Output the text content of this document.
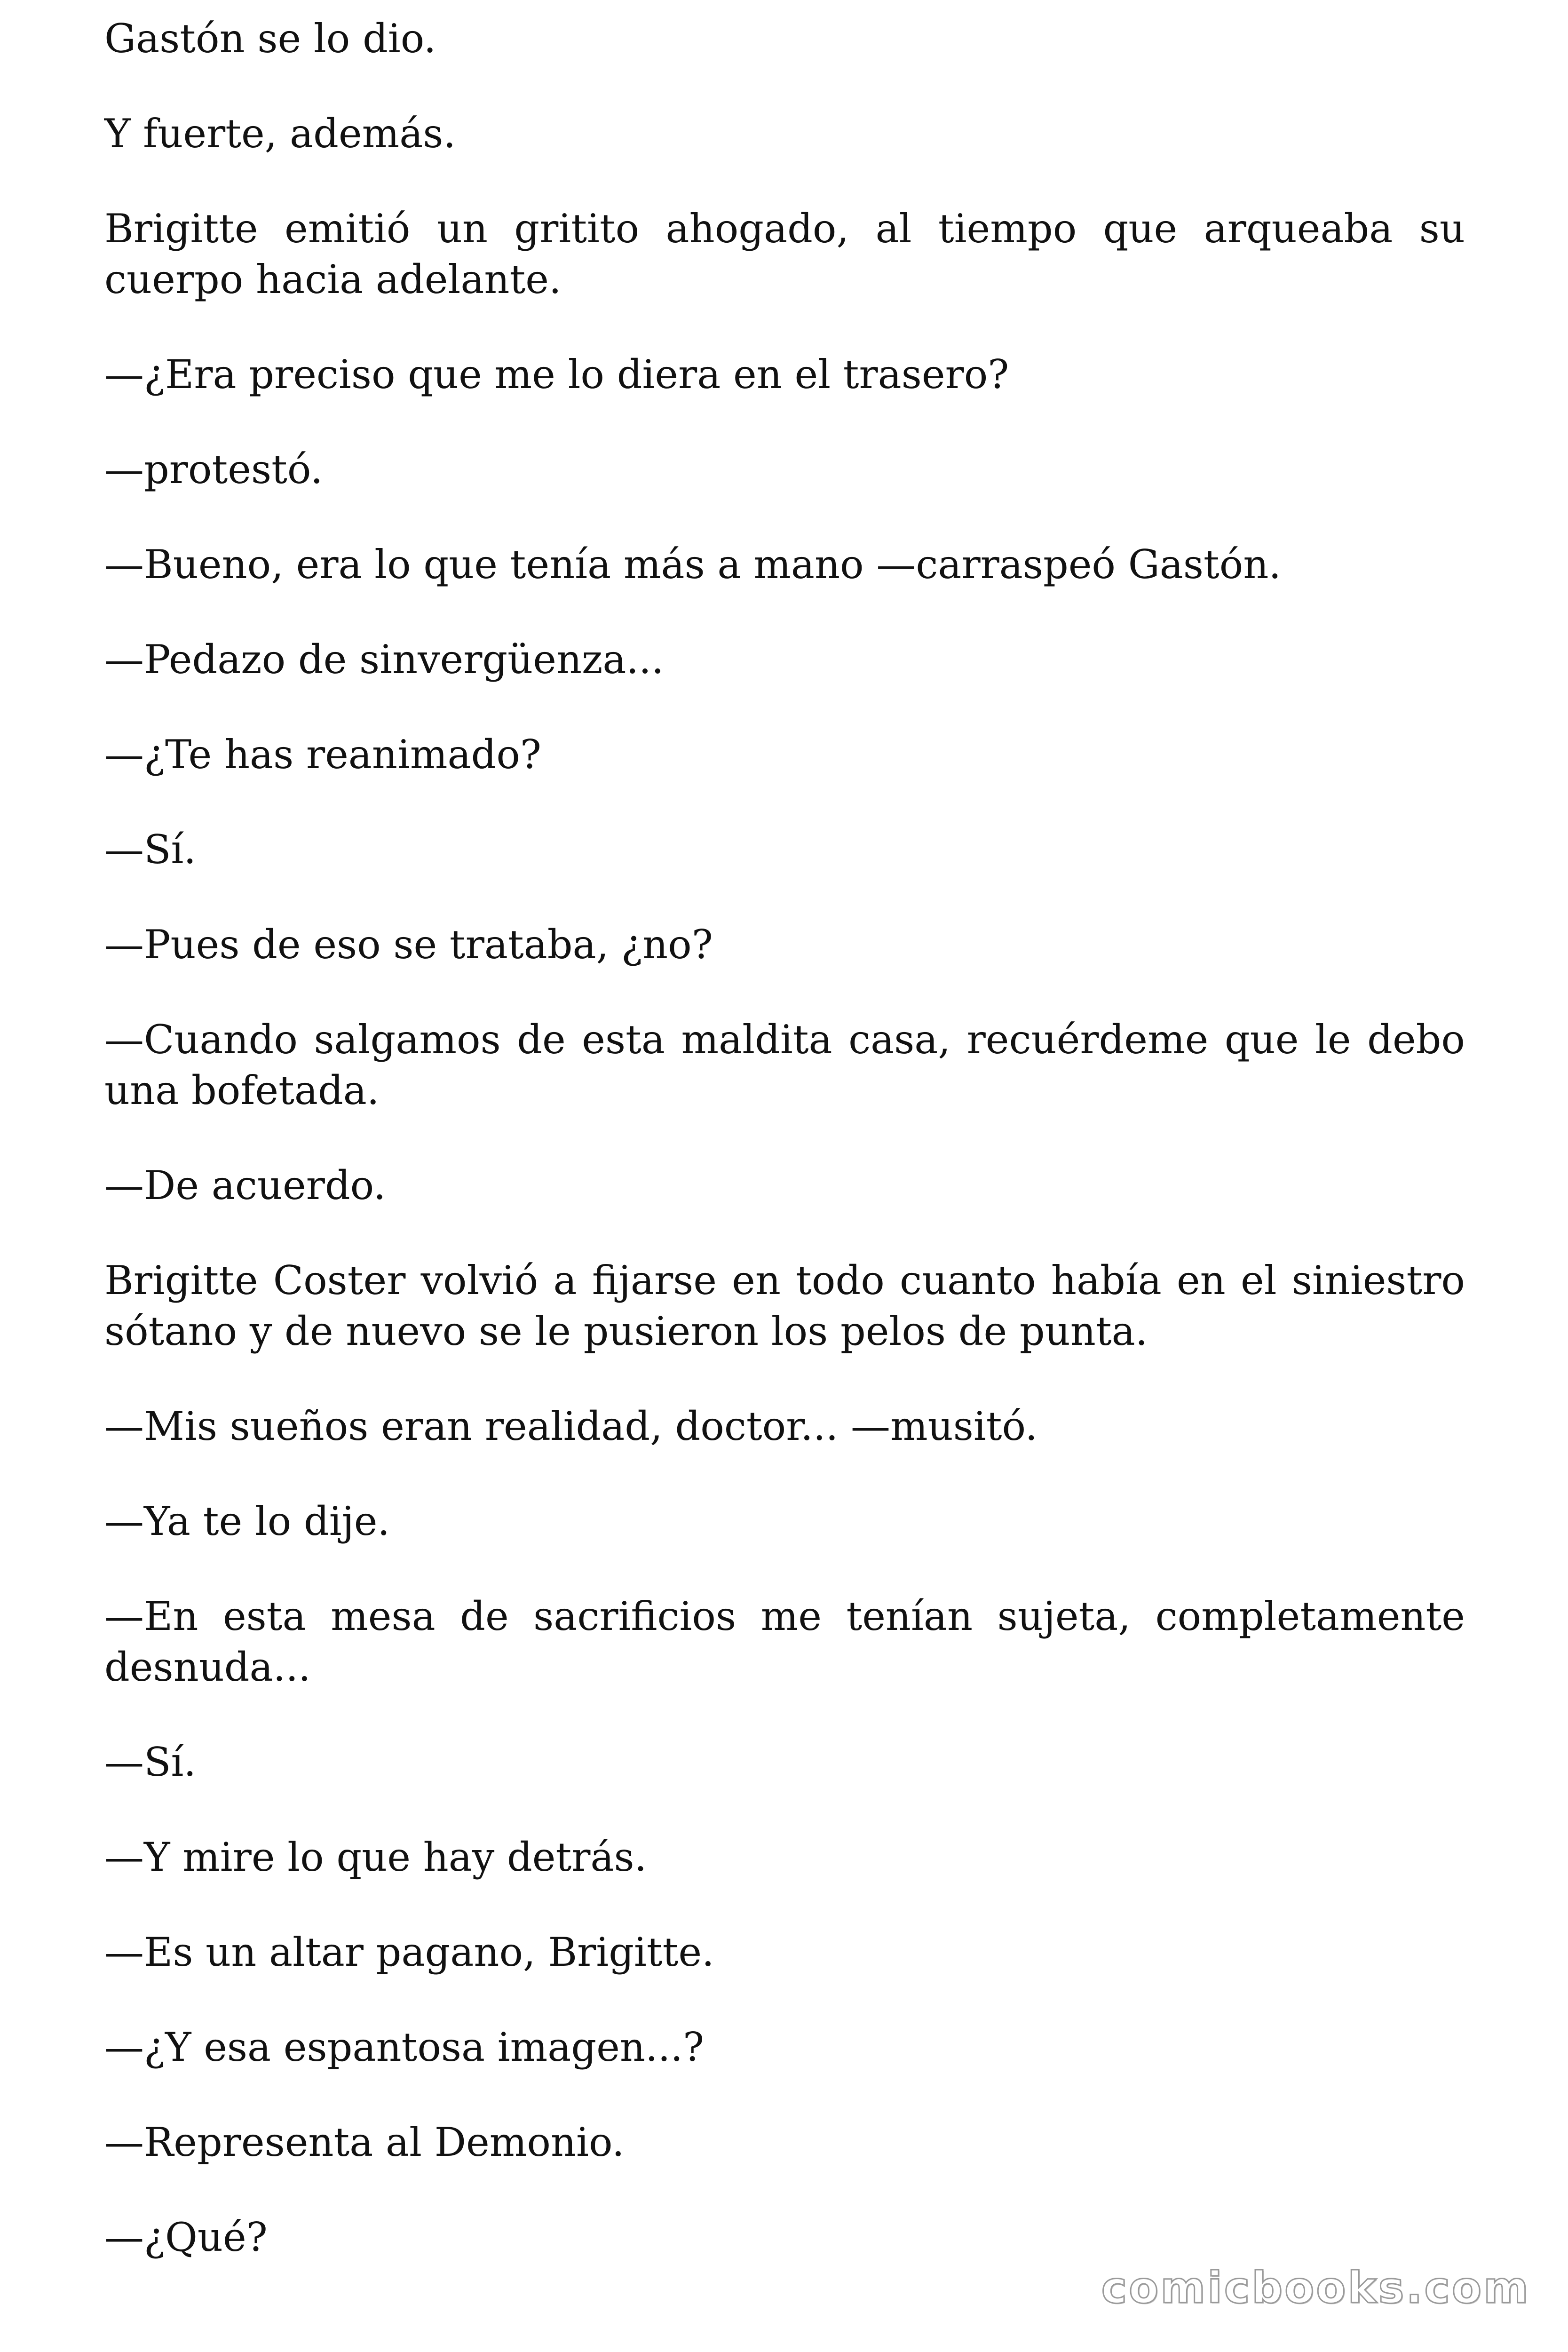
Gastón se lo dio.

Y fuerte, además.

Brigitte emitió un gritito ahogado, al tiempo que arqueaba su cuerpo hacia adelante.

—¿Era preciso que me lo diera en el trasero?

—protestó.

—Bueno, era lo que tenía más a mano —carraspeó Gastón.

—Pedazo de sinvergüenza...

—¿Te has reanimado?

—Sí.

—Pues de eso se trataba, ¿no?

—Cuando salgamos de esta maldita casa, recuérdeme que le debo una bofetada.

—De acuerdo.

Brigitte Coster volvió a fijarse en todo cuanto había en el siniestro sótano y de nuevo se le pusieron los pelos de punta.

—Mis sueños eran realidad, doctor... —musitó.

—Ya te lo dije.

—En esta mesa de sacrificios me tenían sujeta, completamente desnuda...

—Sí.

—Y mire lo que hay detrás.

—Es un altar pagano, Brigitte.

—¿Y esa espantosa imagen...?

—Representa al Demonio.

—¿Qué?

comicbooks.com
